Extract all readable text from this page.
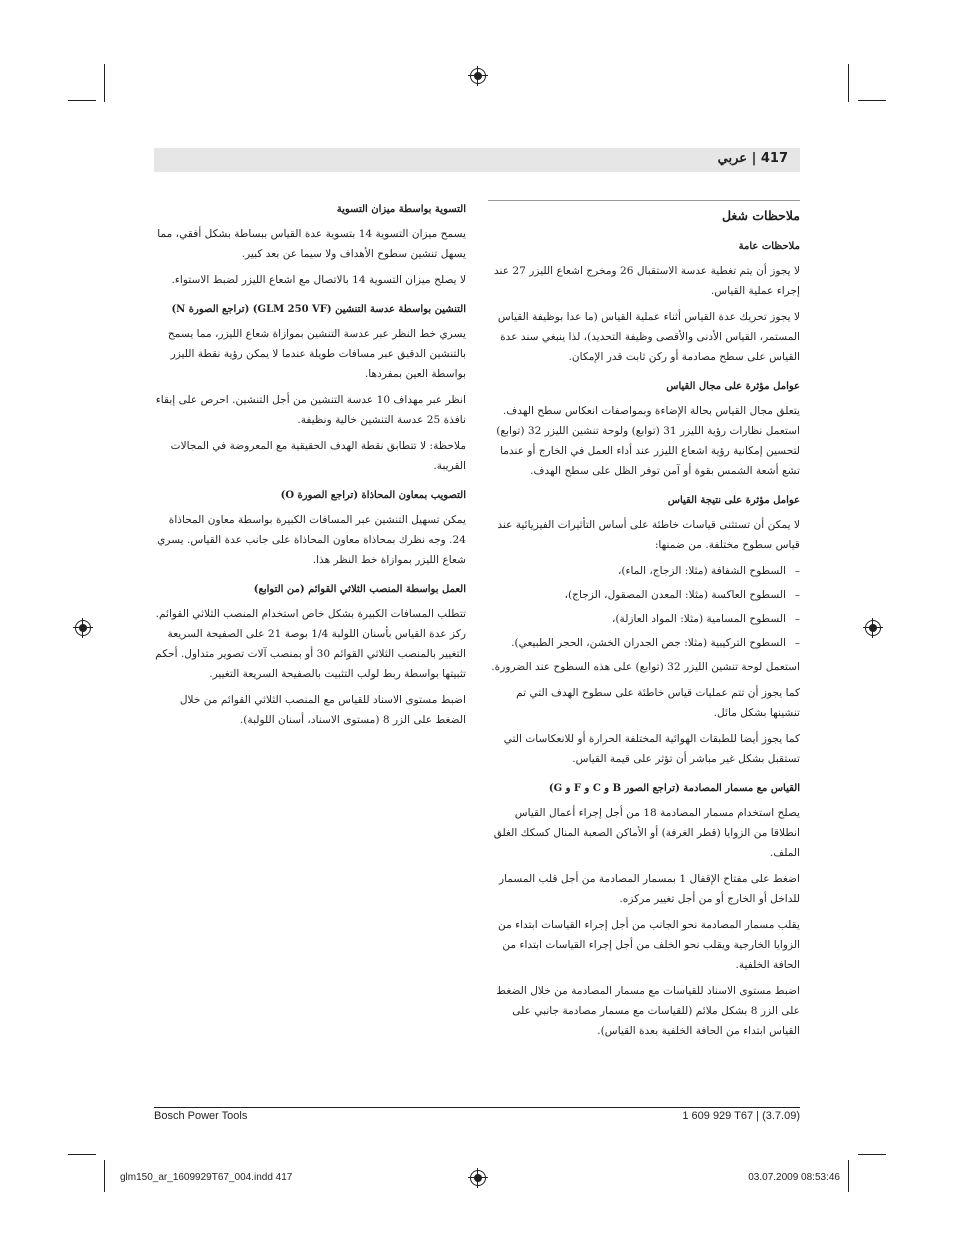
417 | عربي
ملاحظات شغل
ملاحظات عامة
لا يجوز أن يتم تغطية عدسة الاستقبال 26 ومخرج اشعاع الليزر 27 عند إجراء عملية القياس.
لا يجوز تحريك عدة القياس أثناء عملية القياس (ما عدا بوظيفة القياس المستمر، القياس الأدنى والأقصى وظيفة التحديد)، لذا ينبغي سند عدة القياس على سطح مصادمة أو ركن ثابت قدر الإمكان.
عوامل مؤثرة على مجال القياس
يتعلق مجال القياس بحالة الإضاءة وبمواصفات انعكاس سطح الهدف. استعمل نظارات رؤية الليزر 31 (توابع) ولوحة تنشين الليزر 32 (توابع) لتحسين إمكانية رؤية اشعاع الليزر عند أداء العمل في الخارج أو عندما تشع أشعة الشمس بقوة أو آمن توفر الظل على سطح الهدف.
عوامل مؤثرة على نتيجة القياس
لا يمكن أن تستثنى قياسات خاطئة على أساس التأثيرات الفيزيائية عند قياس سطوح مختلفة. من ضمنها:
– السطوح الشفافة (مثلا: الزجاج، الماء)،
– السطوح العاكسة (مثلا: المعدن المصقول، الزجاج)،
– السطوح المسامية (مثلا: المواد العازلة)،
– السطوح التركيبية (مثلا: جص الجدران الخشن، الحجر الطبيعي).
استعمل لوحة تنشين الليزر 32 (توابع) على هذه السطوح عند الضرورة.
كما يجوز أن تتم عمليات قياس خاطئة على سطوح الهدف التي تم تنشينها بشكل مائل.
كما يجوز أيضا للطبقات الهوائية المختلفة الحرارة أو للانعكاسات التي تستقبل بشكل غير مباشر أن تؤثر على قيمة القياس.
القياس مع مسمار المصادمة (تراجع الصور B و C و F و G)
يصلح استخدام مسمار المصادمة 18 من أجل إجراء أعمال القياس انطلاقا من الزوايا (قطر الغرفة) أو الأماكن الصعبة المنال كسكك الغلق الملف.
اضغط على مفتاح الإقفال 1 بمسمار المصادمة من أجل قلب المسمار للداخل أو الخارج أو من أجل تغيير مركزه.
يقلب مسمار المصادمة نحو الجانب من أجل إجراء القياسات ابتداء من الزوايا الخارجية ويقلب نحو الخلف من أجل إجراء القياسات ابتداء من الحافة الخلفية.
اضبط مستوى الاسناد للقياسات مع مسمار المصادمة من خلال الضغط على الزر 8 بشكل ملائم (للقياسات مع مسمار مصادمة جانبي على القياس ابتداء من الحافة الخلفية بعدة القياس).
التسوية بواسطة ميزان التسوية
يسمح ميزان التسوية 14 بتسوية عدة القياس ببساطة بشكل أفقي، مما يسهل تنشين سطوح الأهداف ولا سيما عن بعد كبير.
لا يصلح ميزان التسوية 14 بالاتصال مع اشعاع الليزر لضبط الاستواء.
التنشين بواسطة عدسة التنشين (GLM 250 VF) (تراجع الصورة N)
يسري خط النظر عبر عدسة التنشين بموازاة شعاع الليزر، مما يسمح بالتنشين الدقيق عبر مسافات طويلة عندما لا يمكن رؤية نقطة الليزر بواسطة العين بمفردها.
انظر عبر مهداف 10 عدسة التنشين من أجل التنشين. احرص على إبقاء نافذة 25 عدسة التنشين خالية ونظيفة.
ملاحظة: لا تتطابق نقطة الهدف الحقيقية مع المعروضة في المجالات القريبة.
التصويب بمعاون المحاذاة (تراجع الصورة O)
يمكن تسهيل التنشين عبر المسافات الكبيرة بواسطة معاون المحاذاة 24. وجه نظرك بمحاذاة معاون المحاذاة على جانب عدة القياس. يسري شعاع الليزر بموازاة خط النظر هذا.
العمل بواسطة المنصب الثلاثي القوائم (من التوابع)
تتطلب المسافات الكبيرة بشكل خاص استخدام المنصب الثلاثي القوائم. ركز عدة القياس بأسنان اللولبة 1/4 بوصة 21 على الصفيحة السريعة التغيير بالمنصب الثلاثي القوائم 30 أو بمنصب آلات تصوير متداول. أحكم تثبيتها بواسطة ربط لولب التثبيت بالصفيحة السريعة التغيير.
اضبط مستوى الاسناد للقياس مع المنصب الثلاثي القوائم من خلال الضغط على الزر 8 (مستوى الاسناد، أسنان اللولبة).
Bosch Power Tools	1 609 929 T67 | (3.7.09)
glm150_ar_1609929T67_004.indd 417	03.07.2009 08:53:46
